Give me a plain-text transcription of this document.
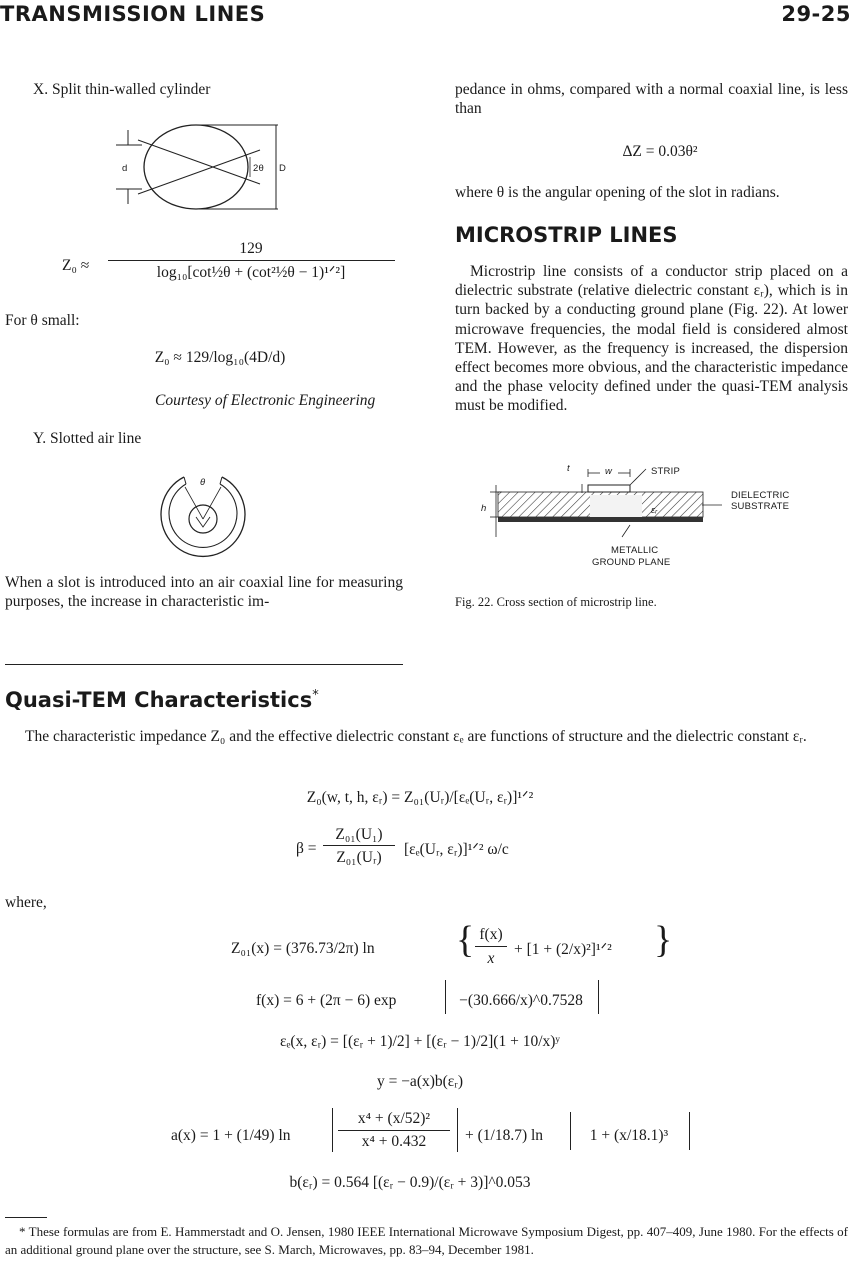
TRANSMISSION LINES	29-25
X. Split thin-walled cylinder
d	2θ D
Z₀ ≈
129
log₁₀[cot½θ + (cot²½θ − 1)¹ᐟ²]
For θ small:
Z₀ ≈ 129/log₁₀(4D/d)
Courtesy of Electronic Engineering
Y. Slotted air line
θ
When a slot is introduced into an air coaxial line for measuring purposes, the increase in characteristic im-
pedance in ohms, compared with a normal coaxial line, is less than
ΔZ = 0.03θ²
where θ is the angular opening of the slot in radians.
MICROSTRIP LINES
Microstrip line consists of a conductor strip placed on a dielectric substrate (relative dielectric constant εᵣ), which is in turn backed by a conducting ground plane (Fig. 22). At lower microwave frequencies, the modal field is considered almost TEM. However, as the frequency is increased, the dispersion effect becomes more obvious, and the characteristic impedance and the phase velocity defined under the quasi-TEM analysis must be modified.
t	w	STRIP
h	εᵣ
DIELECTRIC
SUBSTRATE
METALLIC
GROUND PLANE
Fig. 22. Cross section of microstrip line.
Quasi-TEM Characteristics*
The characteristic impedance Z₀ and the effective dielectric constant εₑ are functions of structure and the dielectric constant εᵣ.
Z₀(w, t, h, εᵣ) = Z₀₁(Uᵣ)/[εₑ(Uᵣ, εᵣ)]¹ᐟ²
β =
Z₀₁(U₁)
Z₀₁(Uᵣ)	[εₑ(Uᵣ, εᵣ)]¹ᐟ² ω/c
where,
Z₀₁(x) = (376.73/2π) ln { f(x)
x
+ [1 + (2/x)²]¹ᐟ² }
f(x) = 6 + (2π − 6) exp	−(30.666/x)^0.7528
εₑ(x, εᵣ) = [(εᵣ + 1)/2] + [(εᵣ − 1)/2](1 + 10/x)ʸ
y = −a(x)b(εᵣ)
a(x) = 1 + (1/49) ln
x⁴ + (x/52)²
x⁴ + 0.432	+ (1/18.7) ln	1 + (x/18.1)³
b(εᵣ) = 0.564 [(εᵣ − 0.9)/(εᵣ + 3)]^0.053
* These formulas are from E. Hammerstadt and O. Jensen, 1980 IEEE International Microwave Symposium Digest, pp. 407–409, June 1980. For the effects of an additional ground plane over the structure, see S. March, Microwaves, pp. 83–94, December 1981.
